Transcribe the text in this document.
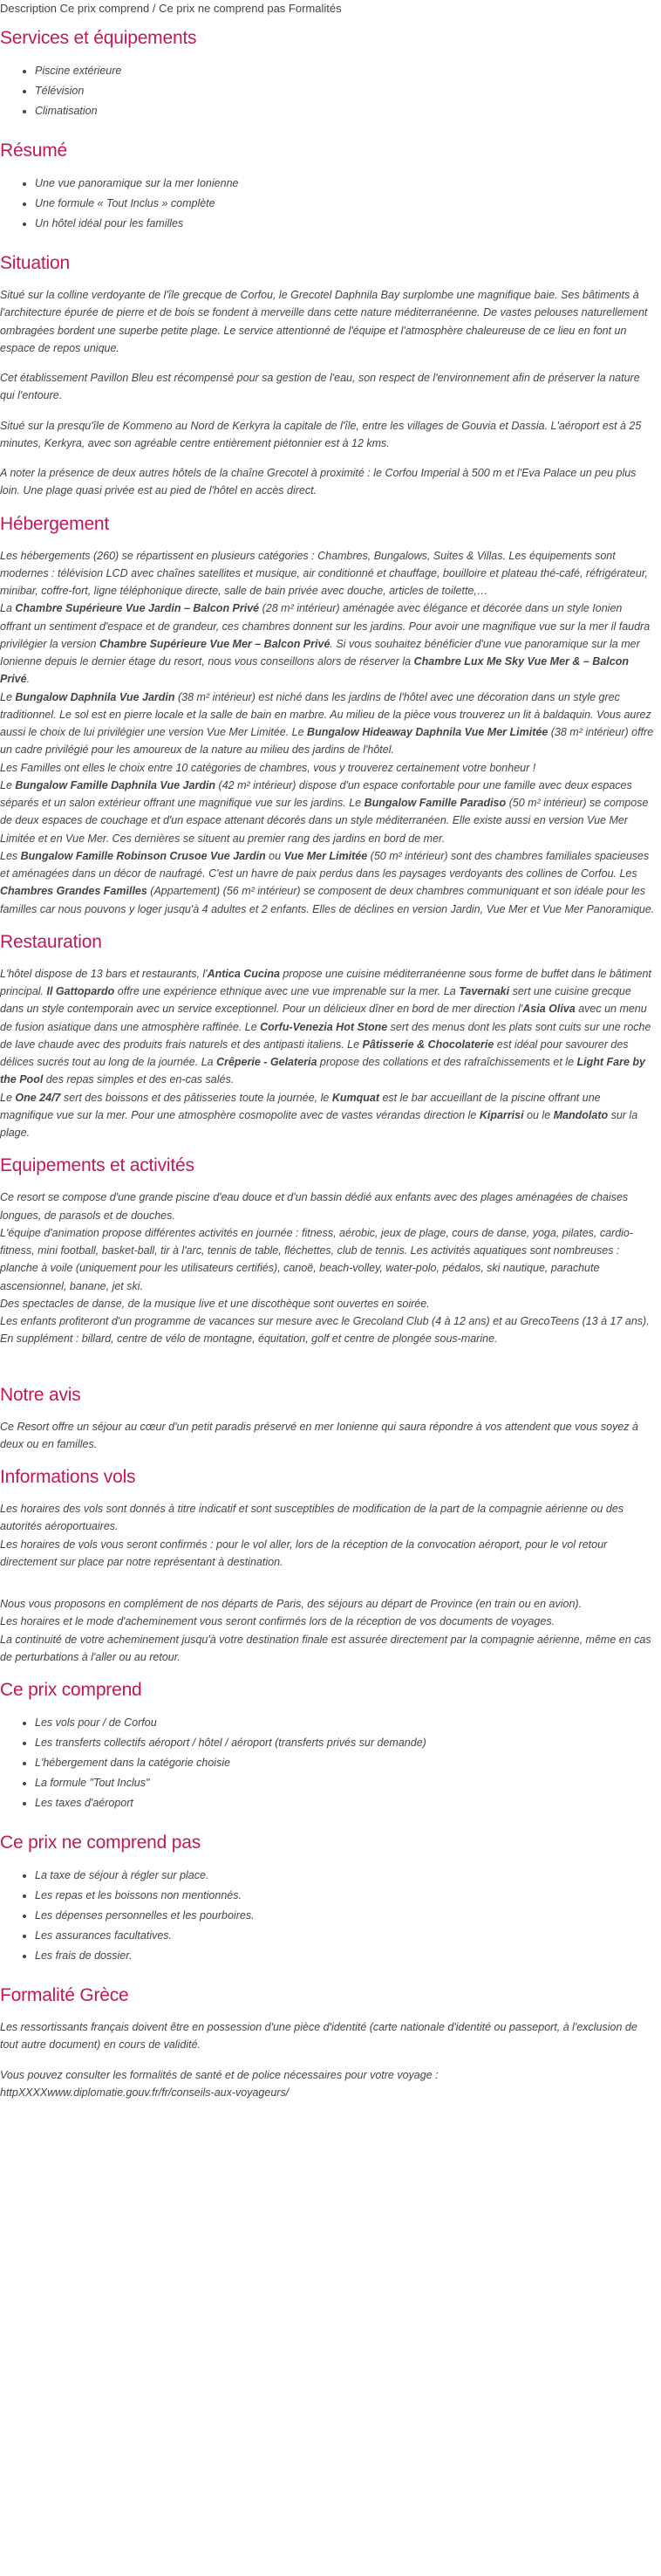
Description Ce prix comprend / Ce prix ne comprend pas Formalités
Services et équipements
• Piscine extérieure
• Télévision
• Climatisation
Résumé
• Une vue panoramique sur la mer Ionienne
• Une formule « Tout Inclus » complète
• Un hôtel idéal pour les familles
Situation

Situé sur la colline verdoyante de l'île grecque de Corfou, le Grecotel Daphnila Bay surplombe une magnifique baie. Ses bâtiments à l'architecture épurée de pierre et de bois se fondent à merveille dans cette nature méditerranéenne. De vastes pelouses naturellement ombragées bordent une superbe petite plage. Le service attentionné de l'équipe et l'atmosphère chaleureuse de ce lieu en font un espace de repos unique.

Cet établissement Pavillon Bleu est récompensé pour sa gestion de l'eau, son respect de l'environnement afin de préserver la nature qui l'entoure.

Situé sur la presqu'île de Kommeno au Nord de Kerkyra la capitale de l'île, entre les villages de Gouvia et Dassia. L'aéroport est à 25 minutes, Kerkyra, avec son agréable centre entièrement piétonnier est à 12 kms.

A noter la présence de deux autres hôtels de la chaîne Grecotel à proximité : le Corfou Imperial à 500 m et l'Eva Palace un peu plus loin. Une plage quasi privée est au pied de l'hôtel en accès direct.

Hébergement
Les hébergements (260) se répartissent en plusieurs catégories : Chambres, Bungalows, Suites & Villas. Les équipements sont modernes : télévision LCD avec chaînes satellites et musique, air conditionné et chauffage, bouilloire et plateau thé-café, réfrigérateur, minibar, coffre-fort, ligne téléphonique directe, salle de bain privée avec douche, articles de toilette,…
La Chambre Supérieure Vue Jardin – Balcon Privé (28 m² intérieur) aménagée avec élégance et décorée dans un style Ionien offrant un sentiment d'espace et de grandeur, ces chambres donnent sur les jardins. Pour avoir une magnifique vue sur la mer il faudra privilégier la version Chambre Supérieure Vue Mer – Balcon Privé. Si vous souhaitez bénéficier d'une vue panoramique sur la mer Ionienne depuis le dernier étage du resort, nous vous conseillons alors de réserver la Chambre Lux Me Sky Vue Mer & – Balcon Privé.
Le Bungalow Daphnila Vue Jardin (38 m² intérieur) est niché dans les jardins de l'hôtel avec une décoration dans un style grec traditionnel. Le sol est en pierre locale et la salle de bain en marbre. Au milieu de la pièce vous trouverez un lit à baldaquin. Vous aurez aussi le choix de lui privilégier une version Vue Mer Limitée. Le Bungalow Hideaway Daphnila Vue Mer Limitée (38 m² intérieur) offre un cadre privilégié pour les amoureux de la nature au milieu des jardins de l'hôtel.
Les Familles ont elles le choix entre 10 catégories de chambres, vous y trouverez certainement votre bonheur !
Le Bungalow Famille Daphnila Vue Jardin (42 m² intérieur) dispose d'un espace confortable pour une famille avec deux espaces séparés et un salon extérieur offrant une magnifique vue sur les jardins. Le Bungalow Famille Paradiso (50 m² intérieur) se compose de deux espaces de couchage et d'un espace attenant décorés dans un style méditerranéen. Elle existe aussi en version Vue Mer Limitée et en Vue Mer. Ces dernières se situent au premier rang des jardins en bord de mer.
Les Bungalow Famille Robinson Crusoe Vue Jardin ou Vue Mer Limitée (50 m² intérieur) sont des chambres familiales spacieuses et aménagées dans un décor de naufragé. C'est un havre de paix perdus dans les paysages verdoyants des collines de Corfou. Les Chambres Grandes Familles (Appartement) (56 m² intérieur) se composent de deux chambres communiquant et son idéale pour les familles car nous pouvons y loger jusqu'à 4 adultes et 2 enfants. Elles de déclines en version Jardin, Vue Mer et Vue Mer Panoramique.
Restauration
L'hôtel dispose de 13 bars et restaurants, l'Antica Cucina propose une cuisine méditerranéenne sous forme de buffet dans le bâtiment principal. Il Gattopardo offre une expérience ethnique avec une vue imprenable sur la mer. La Tavernaki sert une cuisine grecque dans un style contemporain avec un service exceptionnel. Pour un délicieux dîner en bord de mer direction l'Asia Oliva avec un menu de fusion asiatique dans une atmosphère raffinée. Le Corfu-Venezia Hot Stone sert des menus dont les plats sont cuits sur une roche de lave chaude avec des produits frais naturels et des antipasti italiens. Le Pâtisserie & Chocolaterie est idéal pour savourer des délices sucrés tout au long de la journée. La Crêperie - Gelateria propose des collations et des rafraîchissements et le Light Fare by the Pool des repas simples et des en-cas salés.
Le One 24/7 sert des boissons et des pâtisseries toute la journée, le Kumquat est le bar accueillant de la piscine offrant une magnifique vue sur la mer. Pour une atmosphère cosmopolite avec de vastes vérandas direction le Kiparrisi ou le Mandolato sur la plage.
Equipements et activités
Ce resort se compose d'une grande piscine d'eau douce et d'un bassin dédié aux enfants avec des plages aménagées de chaises longues, de parasols et de douches.
L'équipe d'animation propose différentes activités en journée : fitness, aérobic, jeux de plage, cours de danse, yoga, pilates, cardio-fitness, mini football, basket-ball, tir à l'arc, tennis de table, fléchettes, club de tennis. Les activités aquatiques sont nombreuses : planche à voile (uniquement pour les utilisateurs certifiés), canoë, beach-volley, water-polo, pédalos, ski nautique, parachute ascensionnel, banane, jet ski.
Des spectacles de danse, de la musique live et une discothèque sont ouvertes en soirée.
Les enfants profiteront d'un programme de vacances sur mesure avec le Grecoland Club (4 à 12 ans) et au GrecoTeens (13 à 17 ans).
En supplément : billard, centre de vélo de montagne, équitation, golf et centre de plongée sous-marine.
Notre avis

Ce Resort offre un séjour au cœur d'un petit paradis préservé en mer Ionienne qui saura répondre à vos attendent que vous soyez à deux ou en familles.

Informations vols
Les horaires des vols sont donnés à titre indicatif et sont susceptibles de modification de la part de la compagnie aérienne ou des autorités aéroportuaires.
Les horaires de vols vous seront confirmés : pour le vol aller, lors de la réception de la convocation aéroport, pour le vol retour directement sur place par notre représentant à destination.
Nous vous proposons en complément de nos départs de Paris, des séjours au départ de Province (en train ou en avion).
Les horaires et le mode d'acheminement vous seront confirmés lors de la réception de vos documents de voyages.
La continuité de votre acheminement jusqu'à votre destination finale est assurée directement par la compagnie aérienne, même en cas de perturbations à l'aller ou au retour.
Ce prix comprend
• Les vols pour / de Corfou
• Les transferts collectifs aéroport / hôtel / aéroport (transferts privés sur demande)
• L'hébergement dans la catégorie choisie
• La formule "Tout Inclus"
• Les taxes d'aéroport
Ce prix ne comprend pas
• La taxe de séjour à régler sur place.
• Les repas et les boissons non mentionnés.
• Les dépenses personnelles et les pourboires.
• Les assurances facultatives.
• Les frais de dossier.
Formalité Grèce

Les ressortissants français doivent être en possession d'une pièce d'identité (carte nationale d'identité ou passeport, à l'exclusion de tout autre document) en cours de validité.

Vous pouvez consulter les formalités de santé et de police nécessaires pour votre voyage :
httpXXXXwww.diplomatie.gouv.fr/fr/conseils-aux-voyageurs/
